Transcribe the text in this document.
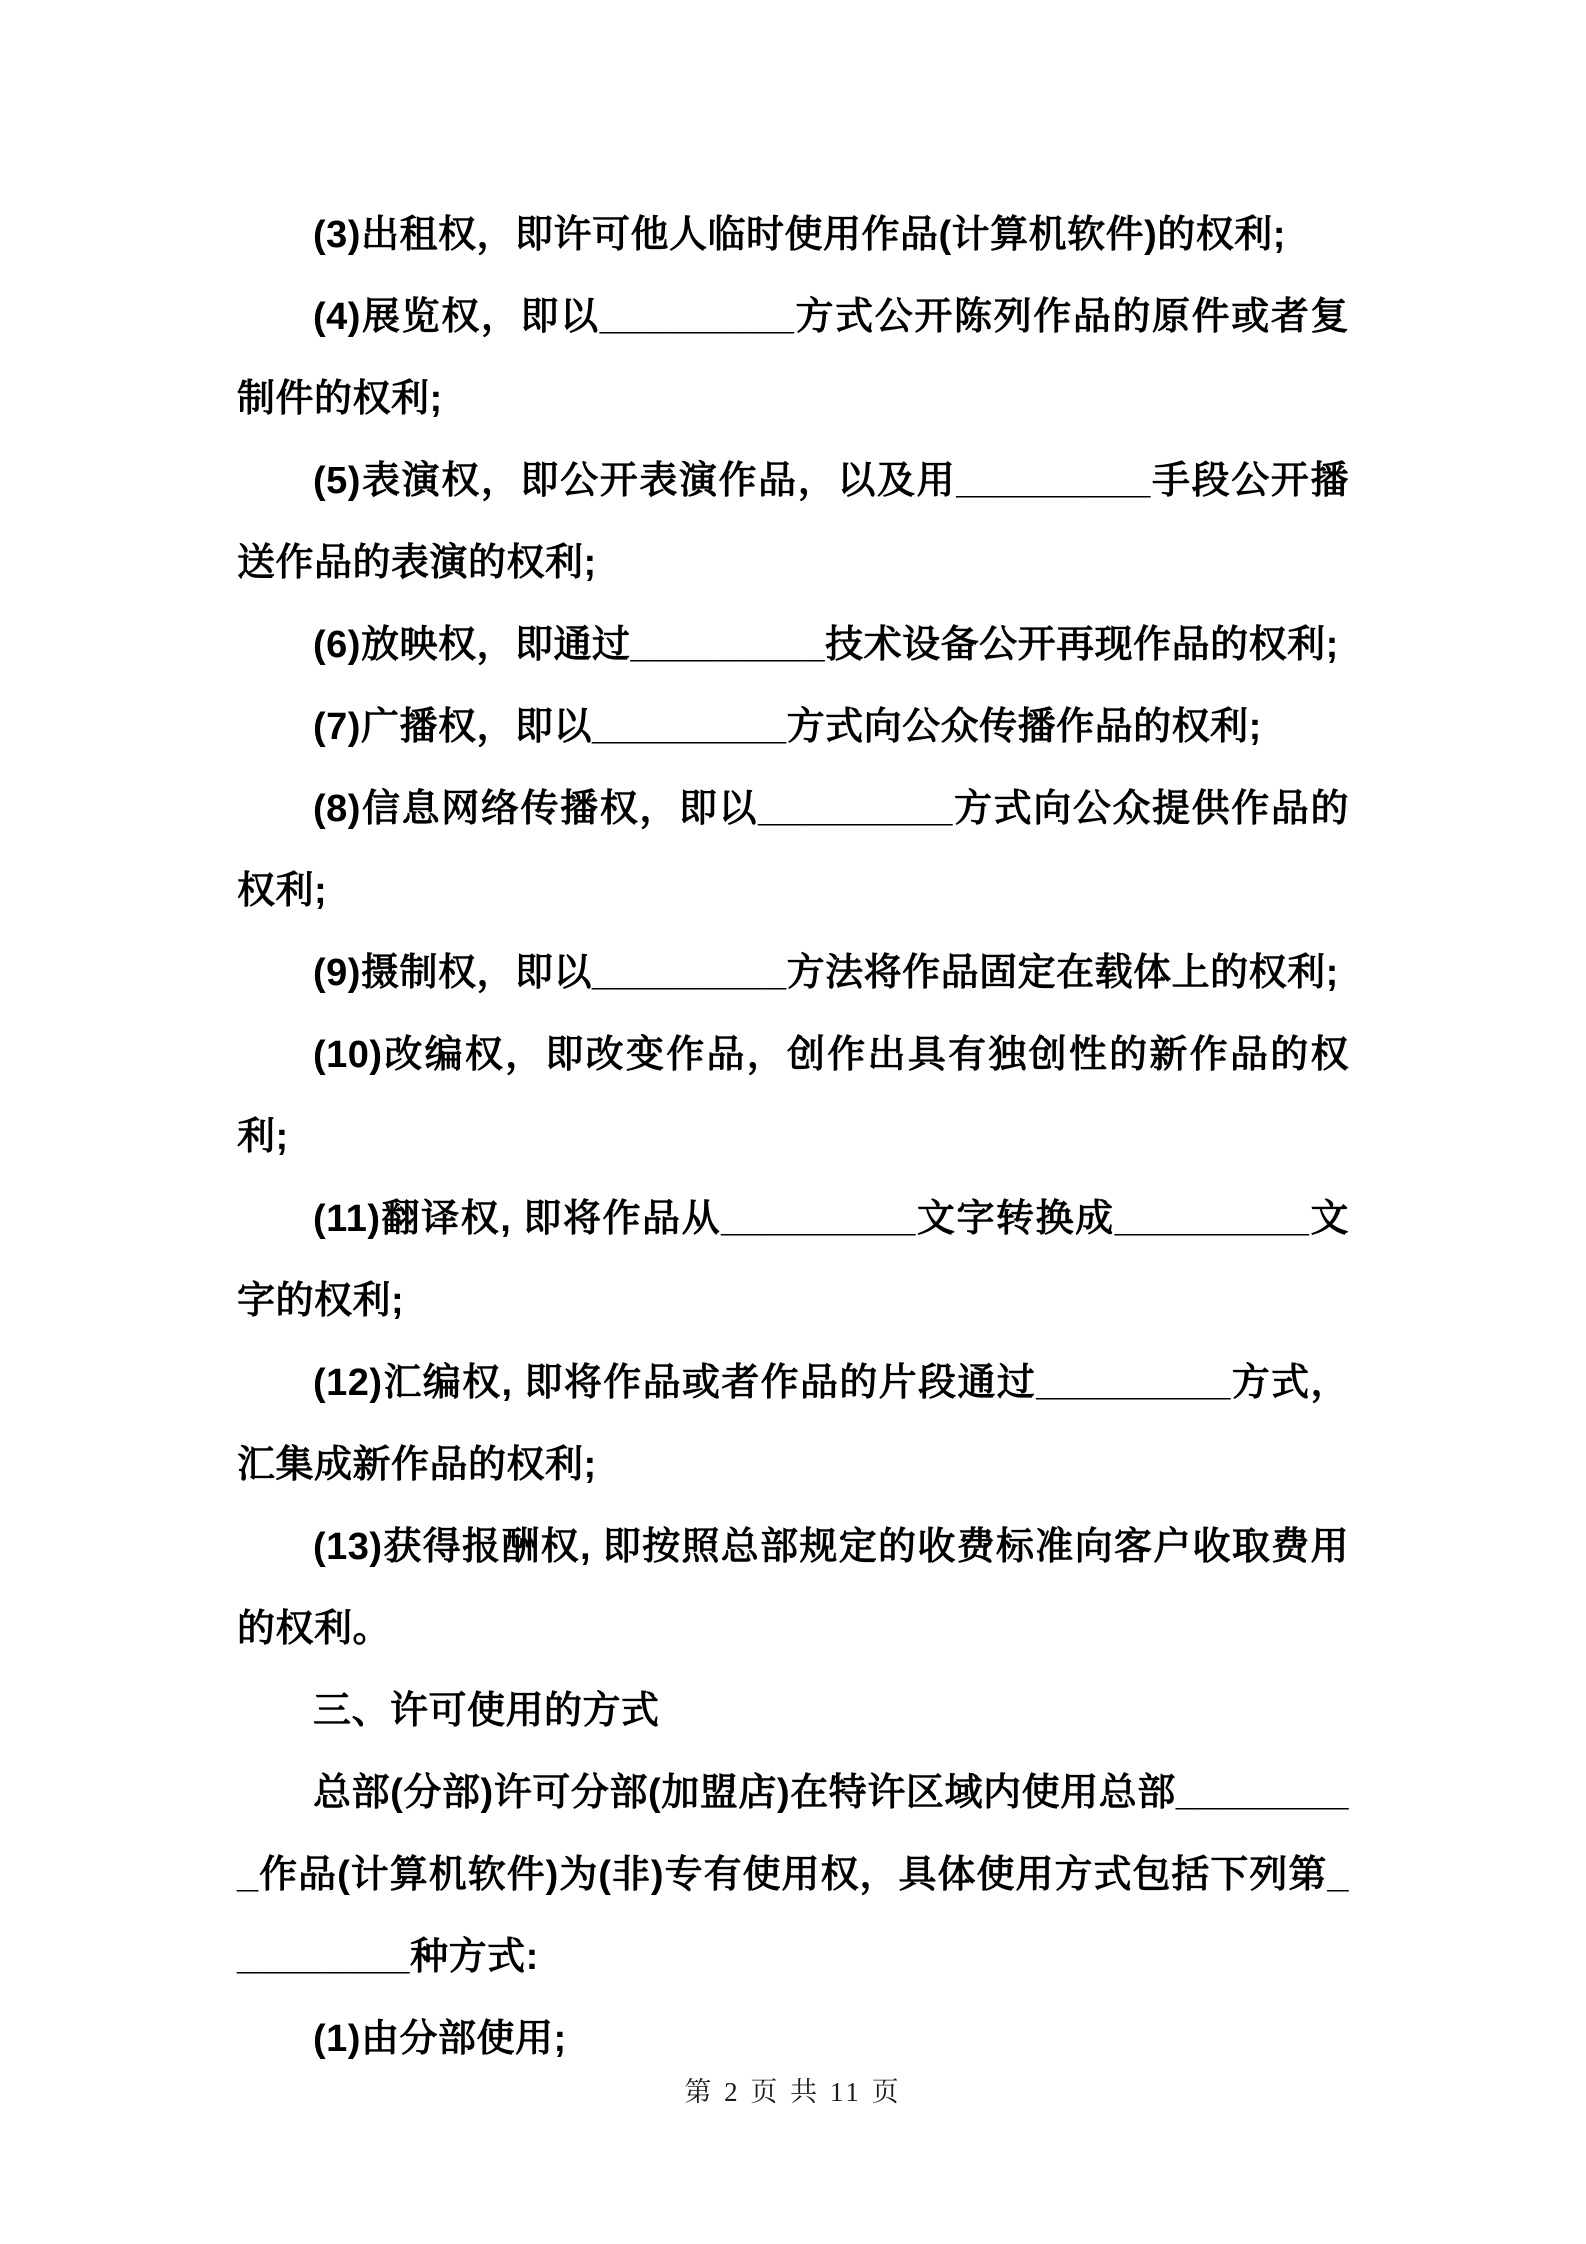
(3)出租权，即许可他人临时使用作品(计算机软件)的权利;

(4)展览权，即以_________方式公开陈列作品的原件或者复制件的权利;

(5)表演权，即公开表演作品，以及用_________手段公开播送作品的表演的权利;

(6)放映权，即通过_________技术设备公开再现作品的权利;

(7)广播权，即以_________方式向公众传播作品的权利;

(8)信息网络传播权，即以_________方式向公众提供作品的权利;

(9)摄制权，即以_________方法将作品固定在载体上的权利;

(10)改编权，即改变作品，创作出具有独创性的新作品的权利;

(11)翻译权, 即将作品从_________文字转换成_________文字的权利;

(12)汇编权, 即将作品或者作品的片段通过_________方式，汇集成新作品的权利;

(13)获得报酬权, 即按照总部规定的收费标准向客户收取费用的权利。

三、许可使用的方式

总部(分部)许可分部(加盟店)在特许区域内使用总部_________作品(计算机软件)为(非)专有使用权，具体使用方式包括下列第_________种方式:

(1)由分部使用;

第 2 页 共 11 页
